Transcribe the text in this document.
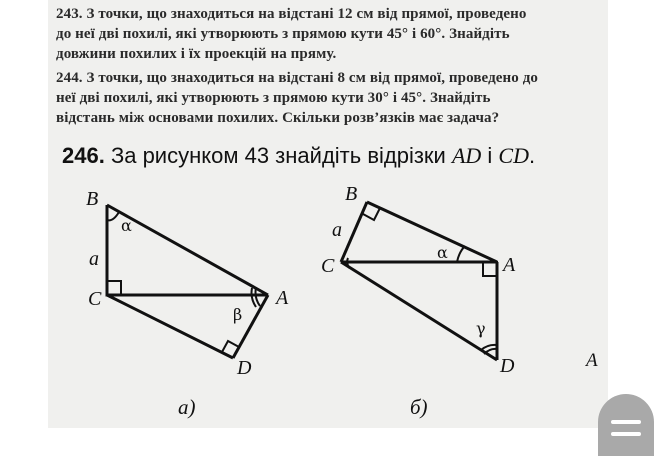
243. З точки, що знаходиться на відстані 12 см від прямої, проведено
до неї дві похилі, які утворюють з прямою кути 45° і 60°. Знайдіть
довжини похилих і їх проекцій на пряму.
244. З точки, що знаходиться на відстані 8 см від прямої, проведено до
неї дві похилі, які утворюють з прямою кути 30° і 45°. Знайдіть
відстань між основами похилих. Скільки розв’язків має задача?
246. За рисунком 43 знайдіть відрізки AD і CD.
B
a
C	A
D
α
β
а)
B
a
C	A
D
α
γ
б)
A
